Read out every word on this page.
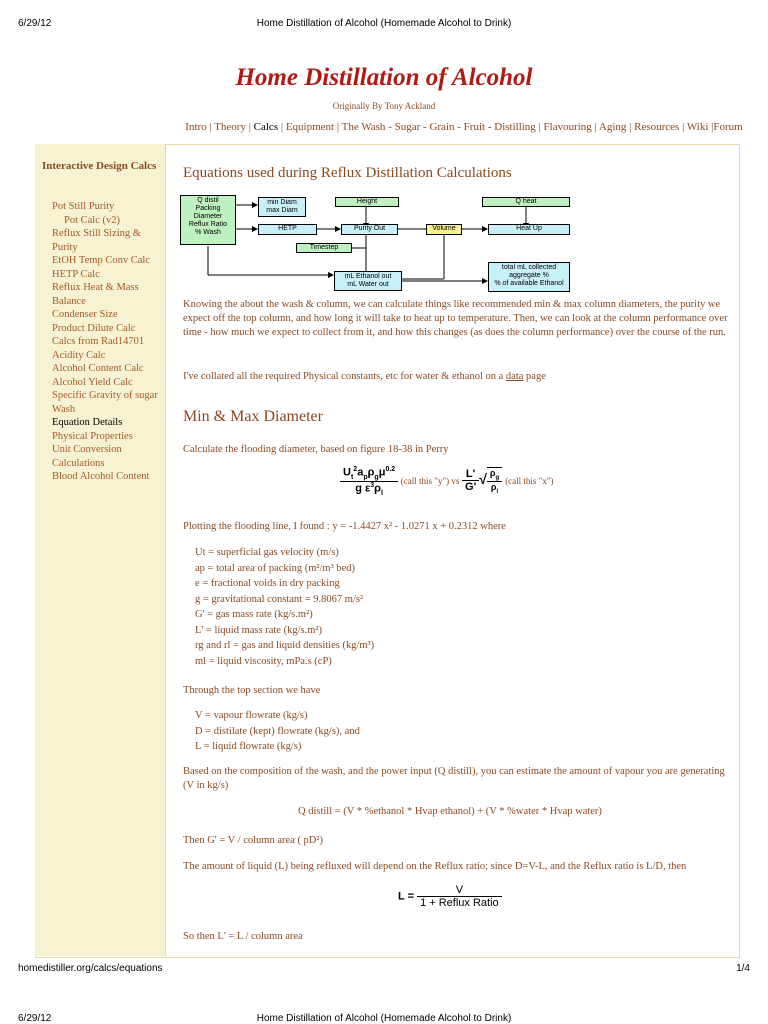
6/29/12	Home Distillation of Alcohol (Homemade Alcohol to Drink)
Home Distillation of Alcohol
Originally By Tony Ackland
Intro | Theory | Calcs | Equipment | The Wash - Sugar - Grain - Fruit - Distilling | Flavouring | Aging | Resources | Wiki |Forum
Interactive Design Calcs
Pot Still Purity
Pot Calc (v2)
Reflux Still Sizing & Purity
EtOH Temp Conv Calc
HETP Calc
Reflux Heat & Mass Balance
Condenser Size
Product Dilute Calc
Calcs from Rad14701
Acidity Calc
Alcohol Content Calc
Alcohol Yield Calc
Specific Gravity of sugar Wash
Equation Details
Physical Properties
Unit Conversion Calculations
Blood Alcohol Content
Equations used during Reflux Distillation Calculations
Q distil
Packing
Diameter
Reflux Ratio
% Wash
min Diam
max Diam
HETP
Height
Purity Out
Timestep
Volume
Q heat
Heat Up
mL Ethanol out
mL Water out
total mL collected
aggregate %
% of available Ethanol

Knowing the about the wash & column, we can calculate things like recommended min & max column diameters, the purity we expect off the top column, and how long it will take to heat up to temperature. Then, we can look at the column performance over time - how much we expect to collect from it, and how this changes (as does the column performance) over the course of the run.

I've collated all the required Physical constants, etc for water & ethanol on a data page

Min & Max Diameter

Calculate the flooding diameter, based on figure 18-38 in Perry

$\frac{U_t^2a_p\rho_g\mu^{0.2}}{g \varepsilon^3\rho_l}$ (call this "y") vs $\frac{L'}{G'}$ √ $\frac{\rho_g}{\rho_l}$ (call this "x")

Plotting the flooding line, I found : y = -1.4427 x² - 1.0271 x + 0.2312 where

Ut = superficial gas velocity (m/s)
ap = total area of packing (m²/m³ bed)
e = fractional voids in dry packing
g = gravitational constant = 9.8067 m/s²
G' = gas mass rate (kg/s.m²)
L' = liquid mass rate (kg/s.m²)
rg and rl = gas and liquid densities (kg/m³)
ml = liquid viscosity, mPa.s (cP)

Through the top section we have

V = vapour flowrate (kg/s)
D = distilate (kept) flowrate (kg/s), and
L = liquid flowrate (kg/s)

Based on the composition of the wash, and the power input (Q distill), you can estimate the amount of vapour you are generating (V in kg/s)

Q distill = (V * %ethanol * Hvap ethanol) + (V * %water * Hvap water)
Then G' = V / column area ( pD²)

The amount of liquid (L) being refluxed will depend on the Reflux ratio; since D=V-L, and the Reflux ratio is L/D, then

$L = \frac{V}{\text{1 + Reflux Ratio}}$

So then L' = L / column area

homedistiller.org/calcs/equations	1/4
6/29/12	Home Distillation of Alcohol (Homemade Alcohol to Drink)
